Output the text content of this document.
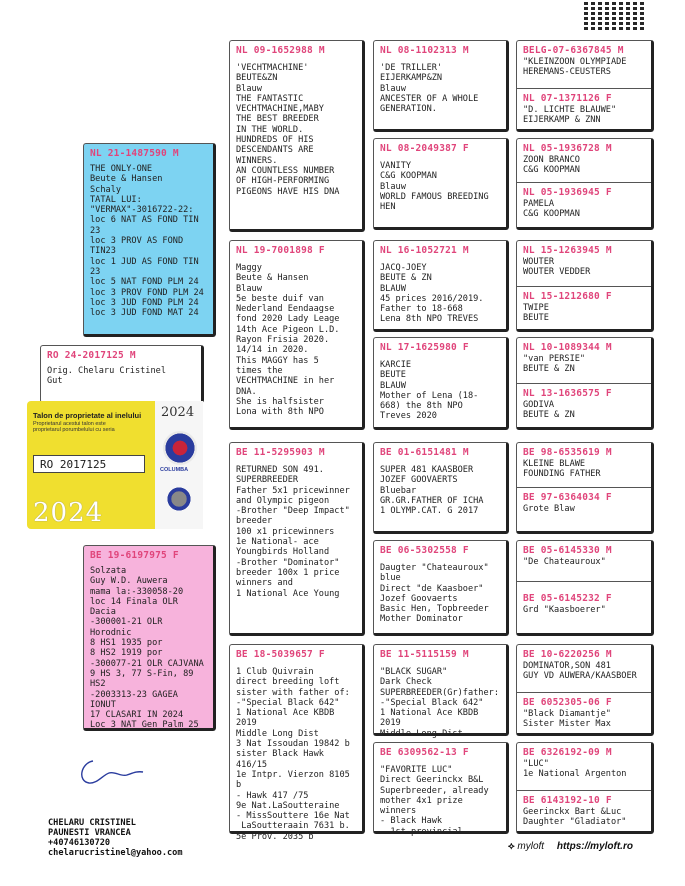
NL 21-1487590 M
THE ONLY-ONE
Beute & Hansen
Schaly
TATAL LUI:
"VERMAX"-3016722-22:
loc 6 NAT AS FOND TIN 23
loc 3 PROV AS FOND TIN23
loc 1 JUD AS FOND TIN 23
loc 5 NAT FOND PLM 24
loc 3 PROV FOND PLM 24
loc 3 JUD FOND PLM 24
loc 3 JUD FOND MAT 24
RO 24-2017125 M
Orig. Chelaru Cristinel
Gut
Talon de proprietate al inelului
Proprietarul acestui talon este proprietarul porumbelului cu seria
RO 2017125
2024
2024
COLUMBA
BE 19-6197975 F
Solzata
Guy W.D. Auwera
mama la:-330058-20
loc 14 Finala OLR Dacia
-300001-21 OLR Horodnic
8 HS1 1935 por
8 HS2 1919 por
-300077-21 OLR CAJVANA
9 HS 3, 77 S-Fin, 89 HS2
-2003313-23 GAGEA IONUT
17 CLASARI IN 2024
Loc 3 NAT Gen Palm 25
NL 09-1652988 M
'VECHTMACHINE'
BEUTE&ZN
Blauw
THE FANTASTIC
VECHTMACHINE,MABY
THE BEST BREEDER
IN THE WORLD.
HUNDREDS OF HIS
DESCENDANTS ARE
WINNERS.
AN COUNTLESS NUMBER
OF HIGH-PERFORMING
PIGEONS HAVE HIS DNA
NL 19-7001898 F
Maggy
Beute & Hansen
Blauw
5e beste duif van
Nederland Eendaagse
fond 2020 Lady Leage
14th Ace Pigeon L.D.
Rayon Frisia 2020.
14/14 in 2020.
This MAGGY has 5
times the
VECHTMACHINE in her DNA.
She is halfsister
Lona with 8th NPO
BE 11-5295903 M
RETURNED SON 491.
SUPERBREEDER
Father 5x1 pricewinner
and Olympic pigeon
-Brother "Deep Impact"
breeder
100 x1 pricewinners
1e National- ace
Youngbirds Holland
-Brother "Dominator"
breeder 100x 1 price
winners and
1 National Ace Young
BE 18-5039657 F
1 Club Quivrain
direct breeding loft
sister with father of:
-"Special Black 642"
1 National Ace KBDB 2019
Middle Long Dist
3 Nat Issoudan 19842 b
sister Black Hawk 416/15
1e Intpr. Vierzon 8105 b
- Hawk 417 /75
9e Nat.LaSoutteraine
- MissSouttere 16e Nat
LaSoutteraain 7631 b.
5e Prov. 2035 b
NL 08-1102313 M
'DE TRILLER'
EIJERKAMP&ZN
Blauw
ANCESTER OF A WHOLE
GENERATION.
NL 08-2049387 F
VANITY
C&G KOOPMAN
Blauw
WORLD FAMOUS BREEDING
HEN
NL 16-1052721 M
JACQ-JOEY
BEUTE & ZN
BLAUW
45 prices 2016/2019.
Father to 18-668
Lena 8th NPO TREVES
NL 17-1625980 F
KARCIE
BEUTE
BLAUW
Mother of Lena (18-
668) the 8th NPO
Treves 2020
BE 01-6151481 M
SUPER 481 KAASBOER
JOZEF GOOVAERTS
Bluebar
GR.GR.FATHER OF ICHA
1 OLYMP.CAT. G 2017
BE 06-5302558 F
Daugter "Chateauroux"
blue
Direct "de Kaasboer"
Jozef Goovaerts
Basic Hen, Topbreeder
Mother Dominator
BE 11-5115159 M
"BLACK SUGAR"
Dark Check
SUPERBREEDER(Gr)father:
-"Special Black 642"
1 National Ace KBDB 2019
Middle Long Dist
BE 6309562-13 F
"FAVORITE LUC"
Direct Geerinckx B&L
Superbreeder, already
mother 4x1 prize winners
- Black Hawk
- 1st provincial
BELG-07-6367845 M
"KLEINZOON OLYMPIADE
HEREMANS-CEUSTERS
NL 07-1371126 F
"D. LICHTE BLAUWE"
EIJERKAMP & ZNN
NL 05-1936728 M
ZOON BRANCO
C&G KOOPMAN
NL 05-1936945 F
PAMELA
C&G KOOPMAN
NL 15-1263945 M
WOUTER
WOUTER VEDDER
NL 15-1212680 F
TWIPE
BEUTE
NL 10-1089344 M
"van PERSIE"
BEUTE & ZN
NL 13-1636575 F
GODIVA
BEUTE & ZN
BE 98-6535619 M
KLEINE BLAWE
FOUNDING FATHER
BE 97-6364034 F
Grote Blaw
BE 05-6145330 M
"De Chateauroux"
BE 05-6145232 F
Grd "Kaasboerer"
BE 10-6220256 M
DOMINATOR,SON 481
GUY VD AUWERA/KAASBOER
BE 6052305-06 F
"Black Diamantje"
Sister Mister Max
BE 6326192-09 M
"LUC"
1e National Argenton
BE 6143192-10 F
Geerinckx Bart &Luc
Daughter "Gladiator"
CHELARU CRISTINEL
PAUNESTI VRANCEA
+40746130720
chelarucristinel@yahoo.com
⟡ myloft https://myloft.ro
